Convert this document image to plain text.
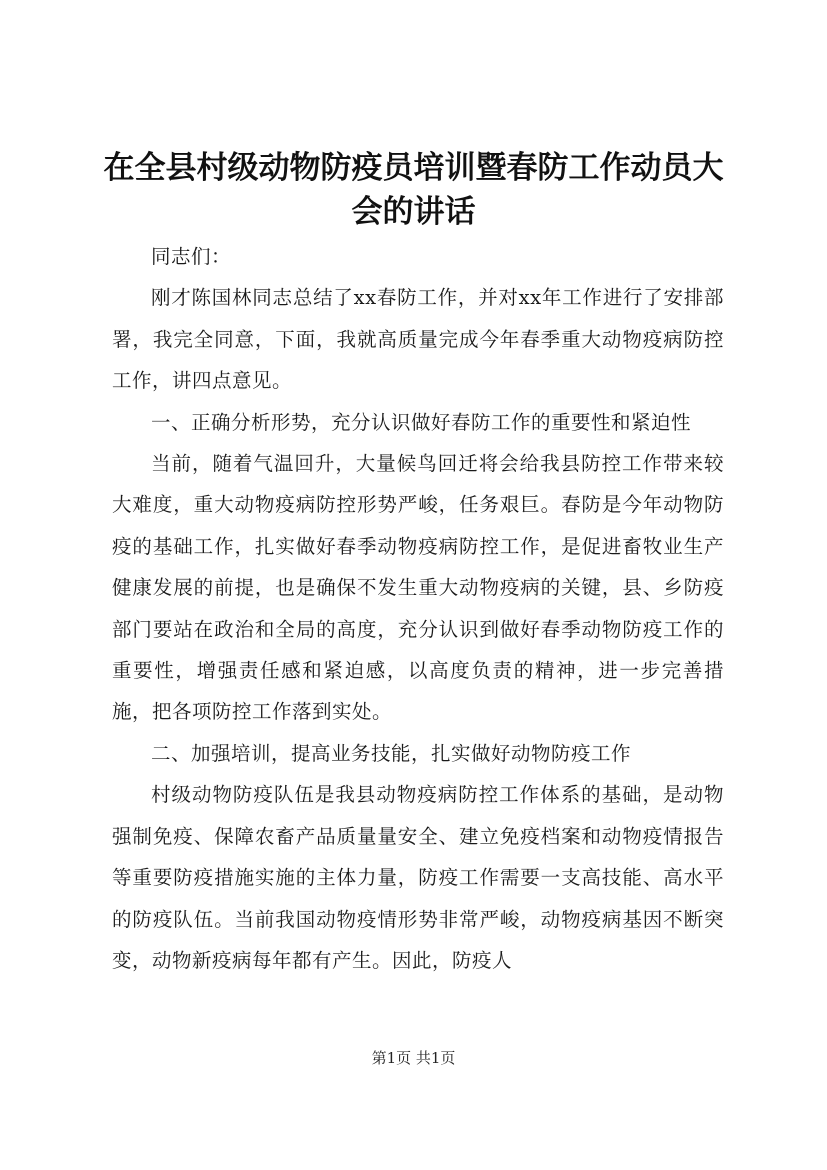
在全县村级动物防疫员培训暨春防工作动员大会的讲话

同志们：

刚才陈国林同志总结了xx春防工作，并对xx年工作进行了安排部署，我完全同意，下面，我就高质量完成今年春季重大动物疫病防控工作，讲四点意见。

一、正确分析形势，充分认识做好春防工作的重要性和紧迫性

当前，随着气温回升，大量候鸟回迁将会给我县防控工作带来较大难度，重大动物疫病防控形势严峻，任务艰巨。春防是今年动物防疫的基础工作，扎实做好春季动物疫病防控工作，是促进畜牧业生产健康发展的前提，也是确保不发生重大动物疫病的关键，县、乡防疫部门要站在政治和全局的高度，充分认识到做好春季动物防疫工作的重要性，增强责任感和紧迫感，以高度负责的精神，进一步完善措施，把各项防控工作落到实处。

二、加强培训，提高业务技能，扎实做好动物防疫工作

村级动物防疫队伍是我县动物疫病防控工作体系的基础，是动物强制免疫、保障农畜产品质量量安全、建立免疫档案和动物疫情报告等重要防疫措施实施的主体力量，防疫工作需要一支高技能、高水平的防疫队伍。当前我国动物疫情形势非常严峻，动物疫病基因不断突变，动物新疫病每年都有产生。因此，防疫人

第1页 共1页
